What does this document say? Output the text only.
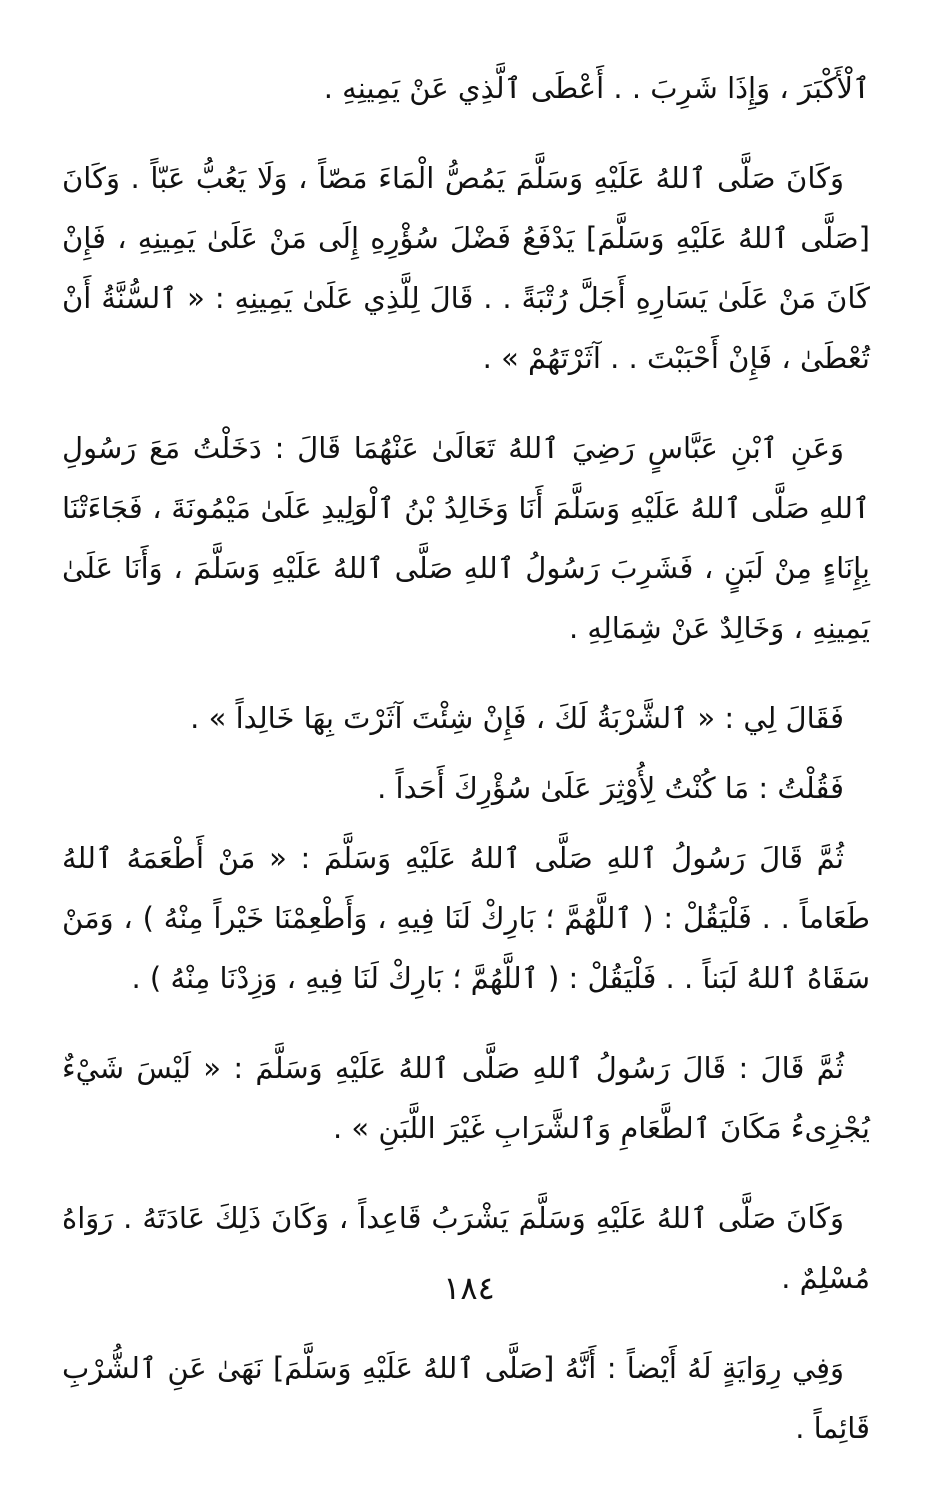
ٱلْأَكْبَرَ ، وَإِذَا شَرِبَ . . أَعْطَى ٱلَّذِي عَنْ يَمِينِهِ .

وَكَانَ صَلَّى ٱللهُ عَلَيْهِ وَسَلَّمَ يَمُصُّ الْمَاءَ مَصّاً ، وَلَا يَعُبُّ عَبّاً . وَكَانَ [صَلَّى ٱللهُ عَلَيْهِ وَسَلَّمَ] يَدْفَعُ فَضْلَ سُؤْرِهِ إِلَى مَنْ عَلَىٰ يَمِينِهِ ، فَإِنْ كَانَ مَنْ عَلَىٰ يَسَارِهِ أَجَلَّ رُتْبَةً . . قَالَ لِلَّذِي عَلَىٰ يَمِينِهِ : « ٱلسُّنَّةُ أَنْ تُعْطَىٰ ، فَإِنْ أَحْبَبْتَ . . آثَرْتَهُمْ » .

وَعَنِ ٱبْنِ عَبَّاسٍ رَضِيَ ٱللهُ تَعَالَىٰ عَنْهُمَا قَالَ : دَخَلْتُ مَعَ رَسُولِ ٱللهِ صَلَّى ٱللهُ عَلَيْهِ وَسَلَّمَ أَنَا وَخَالِدُ بْنُ ٱلْوَلِيدِ عَلَىٰ مَيْمُونَةَ ، فَجَاءَتْنَا بِإِنَاءٍ مِنْ لَبَنٍ ، فَشَرِبَ رَسُولُ ٱللهِ صَلَّى ٱللهُ عَلَيْهِ وَسَلَّمَ ، وَأَنَا عَلَىٰ يَمِينِهِ ، وَخَالِدٌ عَنْ شِمَالِهِ .

فَقَالَ لِي : « ٱلشَّرْبَةُ لَكَ ، فَإِنْ شِئْتَ آثَرْتَ بِهَا خَالِداً » .

فَقُلْتُ : مَا كُنْتُ لِأُوْثِرَ عَلَىٰ سُؤْرِكَ أَحَداً .

ثُمَّ قَالَ رَسُولُ ٱللهِ صَلَّى ٱللهُ عَلَيْهِ وَسَلَّمَ : « مَنْ أَطْعَمَهُ ٱللهُ طَعَاماً . . فَلْيَقُلْ : ( ٱللَّهُمَّ ؛ بَارِكْ لَنَا فِيهِ ، وَأَطْعِمْنَا خَيْراً مِنْهُ ) ، وَمَنْ سَقَاهُ ٱللهُ لَبَناً . . فَلْيَقُلْ : ( ٱللَّهُمَّ ؛ بَارِكْ لَنَا فِيهِ ، وَزِدْنَا مِنْهُ ) .

ثُمَّ قَالَ : قَالَ رَسُولُ ٱللهِ صَلَّى ٱللهُ عَلَيْهِ وَسَلَّمَ : « لَيْسَ شَيْءٌ يُجْزِىءُ مَكَانَ ٱلطَّعَامِ وَٱلشَّرَابِ غَيْرَ اللَّبَنِ » .

وَكَانَ صَلَّى ٱللهُ عَلَيْهِ وَسَلَّمَ يَشْرَبُ قَاعِداً ، وَكَانَ ذَلِكَ عَادَتَهُ . رَوَاهُ مُسْلِمٌ .

وَفِي رِوَايَةٍ لَهُ أَيْضاً : أَنَّهُ [صَلَّى ٱللهُ عَلَيْهِ وَسَلَّمَ] نَهَىٰ عَنِ ٱلشُّرْبِ قَائِماً .

١٨٤
